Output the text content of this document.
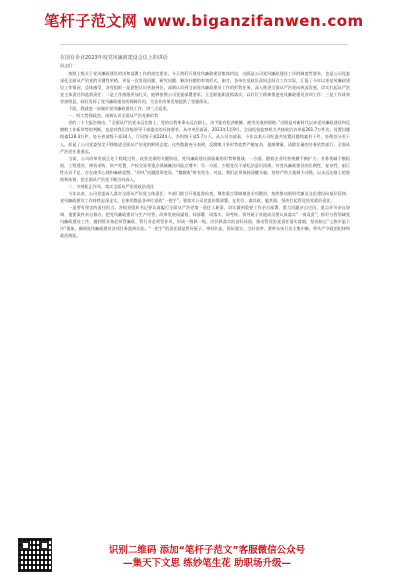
笔杆子范文网 www.biganzifanwen.com

在国有企业2023年度党风廉政建设会议上的讲话

同志们：

按照上级关于党风廉政建设的决和部署工作的规定要求，今天我们开展党风廉政建设集体约谈，这既是公司党风廉政建设工作的制度性要求，也是公司党委深化全面从严治党的关键性举措，更是一次发现问题、研究问题、解决问题的有效形式。刚才，各单位党政负责同志结合工作实际，汇报了今年以来党风廉政建设工作情况，总体感受，各党组织一是思想认识更加到位，深刻认识到当前党风廉政建设工作的形势任务，深入推进全面从严治党向纵深发展，切实扛起从严治党主体责任和监督责任；二是工作措施更加扎实，能够按照公司党委部署要求，立足职能职责抓落实，以钉钉子精神推进党风廉政建设各项工作；三是工作成效更加明显，较好发挥了党风廉政建设的保障作用，为企业改革发展提供了坚强保证。

下面，我就进一步做好党风廉政建设工作，讲三点意见。

一、明大势强政治，深刻认识全面从严治党新形势

党的二十大报告指出，“全面从严治党永远在路上，党的自我革命永远在路上，决不能有松劲歇脚、疲劳厌战的情绪。”这既是对新时代以来党风廉政建设和反腐败工作新形势的判断，也是对我们各级领导干部提出的具体要求。从中央层面看，2023年1至9月，全国纪检监察机关共接收信访举报261.7万件次，处置问题线索128.3万件，处分省部级干部34人、厅局级干部2244人，乡科级干部5.7万人。从公司内部看，今年以来公司纪委共处置问题线索若干件，处理处分若干人，彰显了公司党委坚定不移推进全面从严治党的鲜明态度。这些数据充分表明，反腐败斗争形势依然严峻复杂，遏制增量、清除存量的任务依然艰巨，全面从严治党任重道远。

当前，公司改革发展正处于爬坡过坎、攻坚克难的关键阶段，党风廉政建设面临新的形势和挑战。一方面，随着企业经营规模不断扩大、业务领域不断拓展，工程建设、物资采购、资产处置、产权交易等重点领域廉洁风险点增多；另一方面，少数党员干部纪法意识淡薄，对党风廉政建设的长期性、复杂性、艰巨性认识不足，存在侥幸心理和麻痹思想，“四风”问题隐形变异，“微腐败”时有发生。对此，我们必须保持清醒头脑，坚持严的主基调不动摇，以永远在路上的坚韧和执着，把全面从严治党不断引向深入。

二、守规矩正作风，落实全面从严治党政治责任

今年以来，公司党委深入落实全面从严治党主体责任，多部门联合开展监督检查，聚焦重点领域推进专项整治，持续推动新时代廉洁文化建设向基层延伸，党风廉政建设工作持续走深走实。在座的都是各单位党政“一把手”，要落实公司党委决策部署，在其位、谋其政，履其职，坚决扛起管党治党政治责任。

一是要有坚定的责任担当。各级党组织书记要认真履行全面从严治党第一责任人职责，切实做到重要工作亲自部署、重大问题亲自过问、重点环节亲自协调、重要案件亲自督办，把党风廉政建设与生产经营、改革发展同谋划、同部署、同落实、同考核。领导班子其他成员要认真落实“一岗双责”，抓好分管领域党风廉政建设工作，做到管业务必须管廉政、管行业必须管作风，形成一级抓一级、层层抓落实的良好局面，推动管党治党责任落实落细，坚决防止“上热中温下冷”现象，确保党风廉政建设各项任务落到实处。“一把手”的责任就是管好班子、带好队伍、抓好落实、当好表率，要带头执行民主集中制，带头严守政治纪律和政治规矩。

识别二维码 添加“笔杆子范文”客服微信公众号
—集天下文思 练妙笔生花 助职场升级—
